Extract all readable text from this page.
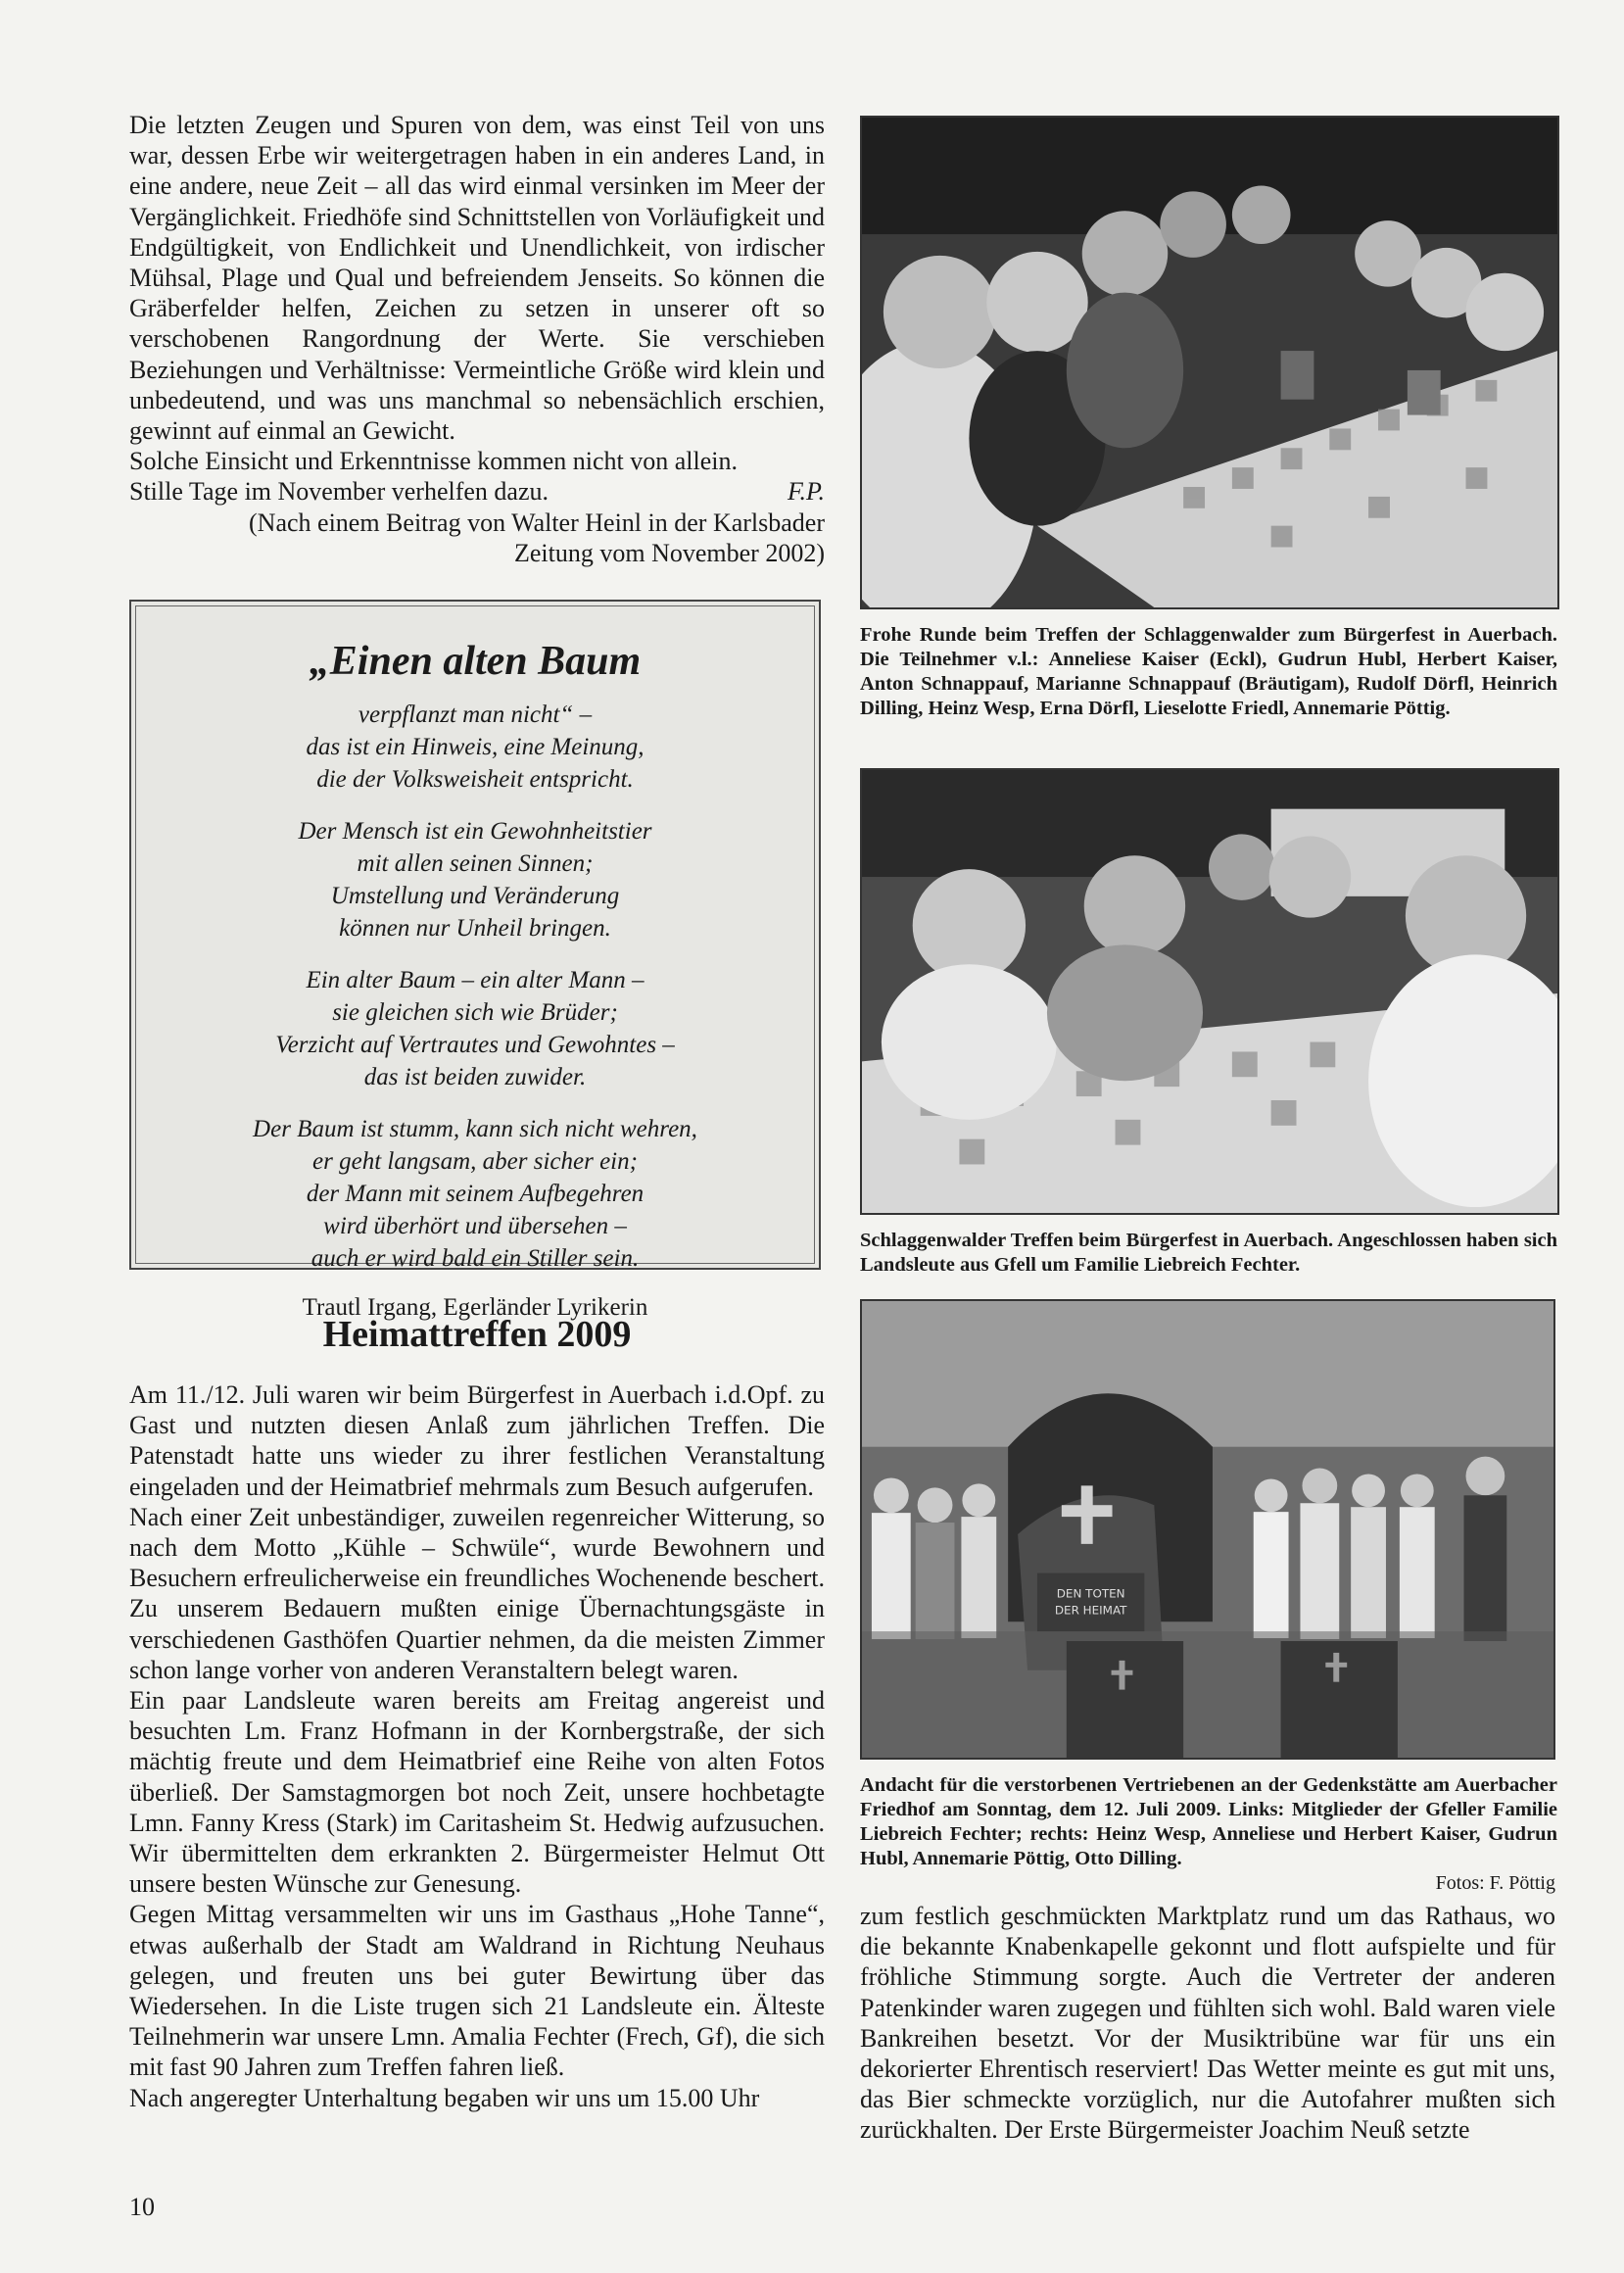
Die letzten Zeugen und Spuren von dem, was einst Teil von uns war, dessen Erbe wir weitergetragen haben in ein anderes Land, in eine andere, neue Zeit – all das wird einmal versinken im Meer der Vergänglichkeit. Friedhöfe sind Schnittstellen von Vorläufigkeit und Endgültigkeit, von Endlichkeit und Unendlichkeit, von irdischer Mühsal, Plage und Qual und befreiendem Jenseits. So können die Gräberfelder helfen, Zeichen zu setzen in unserer oft so verschobenen Rangordnung der Werte. Sie verschieben Beziehungen und Verhältnisse: Vermeintliche Größe wird klein und unbedeutend, und was uns manchmal so nebensächlich erschien, gewinnt auf einmal an Gewicht.

Solche Einsicht und Erkenntnisse kommen nicht von allein.

Stille Tage im November verhelfen dazu.	F.P.

(Nach einem Beitrag von Walter Heinl in der Karlsbader

Zeitung vom November 2002)

„Einen alten Baum
verpflanzt man nicht“ –
das ist ein Hinweis, eine Meinung,
die der Volksweisheit entspricht.
Der Mensch ist ein Gewohnheitstier
mit allen seinen Sinnen;
Umstellung und Veränderung
können nur Unheil bringen.
Ein alter Baum – ein alter Mann –
sie gleichen sich wie Brüder;
Verzicht auf Vertrautes und Gewohntes –
das ist beiden zuwider.
Der Baum ist stumm, kann sich nicht wehren,
er geht langsam, aber sicher ein;
der Mann mit seinem Aufbegehren
wird überhört und übersehen –
auch er wird bald ein Stiller sein.
Trautl Irgang, Egerländer Lyrikerin
Heimattreffen 2009

Am 11./12. Juli waren wir beim Bürgerfest in Auerbach i.d.Opf. zu Gast und nutzten diesen Anlaß zum jährlichen Treffen. Die Patenstadt hatte uns wieder zu ihrer festlichen Veranstaltung eingeladen und der Heimatbrief mehrmals zum Besuch aufgerufen.

Nach einer Zeit unbeständiger, zuweilen regenreicher Witterung, so nach dem Motto „Kühle – Schwüle“, wurde Bewohnern und Besuchern erfreulicherweise ein freundliches Wochenende beschert. Zu unserem Bedauern mußten einige Übernachtungsgäste in verschiedenen Gasthöfen Quartier nehmen, da die meisten Zimmer schon lange vorher von anderen Veranstaltern belegt waren.

Ein paar Landsleute waren bereits am Freitag angereist und besuchten Lm. Franz Hofmann in der Kornbergstraße, der sich mächtig freute und dem Heimatbrief eine Reihe von alten Fotos überließ. Der Samstagmorgen bot noch Zeit, unsere hochbetagte Lmn. Fanny Kress (Stark) im Caritasheim St. Hedwig aufzusuchen. Wir übermittelten dem erkrankten 2. Bürgermeister Helmut Ott unsere besten Wünsche zur Genesung.

Gegen Mittag versammelten wir uns im Gasthaus „Hohe Tanne“, etwas außerhalb der Stadt am Waldrand in Richtung Neuhaus gelegen, und freuten uns bei guter Bewirtung über das Wiedersehen. In die Liste trugen sich 21 Landsleute ein. Älteste Teilnehmerin war unsere Lmn. Amalia Fechter (Frech, Gf), die sich mit fast 90 Jahren zum Treffen fahren ließ.

Nach angeregter Unterhaltung begaben wir uns um 15.00 Uhr

Frohe Runde beim Treffen der Schlaggenwalder zum Bürgerfest in Auerbach. Die Teilnehmer v.l.: Anneliese Kaiser (Eckl), Gudrun Hubl, Herbert Kaiser, Anton Schnappauf, Marianne Schnappauf (Bräutigam), Rudolf Dörfl, Heinrich Dilling, Heinz Wesp, Erna Dörfl, Lieselotte Friedl, Annemarie Pöttig.

Schlaggenwalder Treffen beim Bürgerfest in Auerbach. Angeschlossen haben sich Landsleute aus Gfell um Familie Liebreich Fechter.

DEN TOTEN
DER HEIMAT

Andacht für die verstorbenen Vertriebenen an der Gedenkstätte am Auerbacher Friedhof am Sonntag, dem 12. Juli 2009. Links: Mitglieder der Gfeller Familie Liebreich Fechter; rechts: Heinz Wesp, Anneliese und Herbert Kaiser, Gudrun Hubl, Annemarie Pöttig, Otto Dilling.

Fotos: F. Pöttig

zum festlich geschmückten Marktplatz rund um das Rathaus, wo die bekannte Knabenkapelle gekonnt und flott aufspielte und für fröhliche Stimmung sorgte. Auch die Vertreter der anderen Patenkinder waren zugegen und fühlten sich wohl. Bald waren viele Bankreihen besetzt. Vor der Musiktribüne war für uns ein dekorierter Ehrentisch reserviert! Das Wetter meinte es gut mit uns, das Bier schmeckte vorzüglich, nur die Autofahrer mußten sich zurückhalten. Der Erste Bürgermeister Joachim Neuß setzte

10
